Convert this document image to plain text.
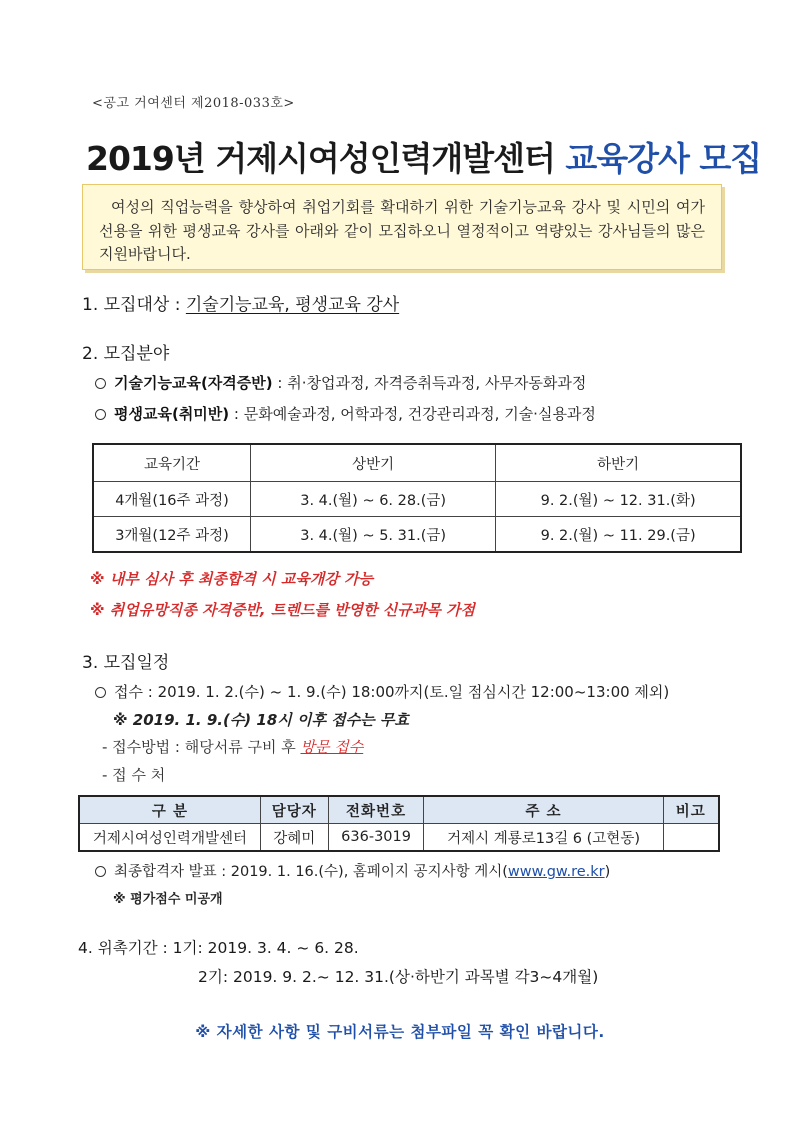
<공고 거여센터 제2018-033호>
2019년 거제시여성인력개발센터 교육강사 모집

여성의 직업능력을 향상하여 취업기회를 확대하기 위한 기술기능교육 강사 및 시민의 여가선용을 위한 평생교육 강사를 아래와 같이 모집하오니 열정적이고 역량있는 강사님들의 많은 지원바랍니다.

1. 모집대상 : 기술기능교육, 평생교육 강사
2. 모집분야
기술기능교육(자격증반) : 취·창업과정, 자격증취득과정, 사무자동화과정
평생교육(취미반) : 문화예술과정, 어학과정, 건강관리과정, 기술·실용과정
교육기간	상반기	하반기
4개월(16주 과정)	3. 4.(월) ~ 6. 28.(금)	9. 2.(월) ~ 12. 31.(화)
3개월(12주 과정)	3. 4.(월) ~ 5. 31.(금)	9. 2.(월) ~ 11. 29.(금)
※ 내부 심사 후 최종합격 시 교육개강 가능
※ 취업유망직종 자격증반, 트렌드를 반영한 신규과목 가점
3. 모집일정
접수 : 2019. 1. 2.(수) ~ 1. 9.(수) 18:00까지(토.일 점심시간 12:00~13:00 제외)
※ 2019. 1. 9.(수) 18시 이후 접수는 무효
- 접수방법 : 해당서류 구비 후 방문 접수
- 접 수 처
구 분	담당자	전화번호	주 소	비고
거제시여성인력개발센터	강혜미	636-3019	거제시 계룡로13길 6 (고현동)	
최종합격자 발표 : 2019. 1. 16.(수), 홈페이지 공지사항 게시(www.gw.re.kr)
※ 평가점수 미공개
4. 위촉기간 : 1기: 2019. 3. 4. ~ 6. 28.
2기: 2019. 9. 2.~ 12. 31.(상·하반기 과목별 각3~4개월)
※ 자세한 사항 및 구비서류는 첨부파일 꼭 확인 바랍니다.
